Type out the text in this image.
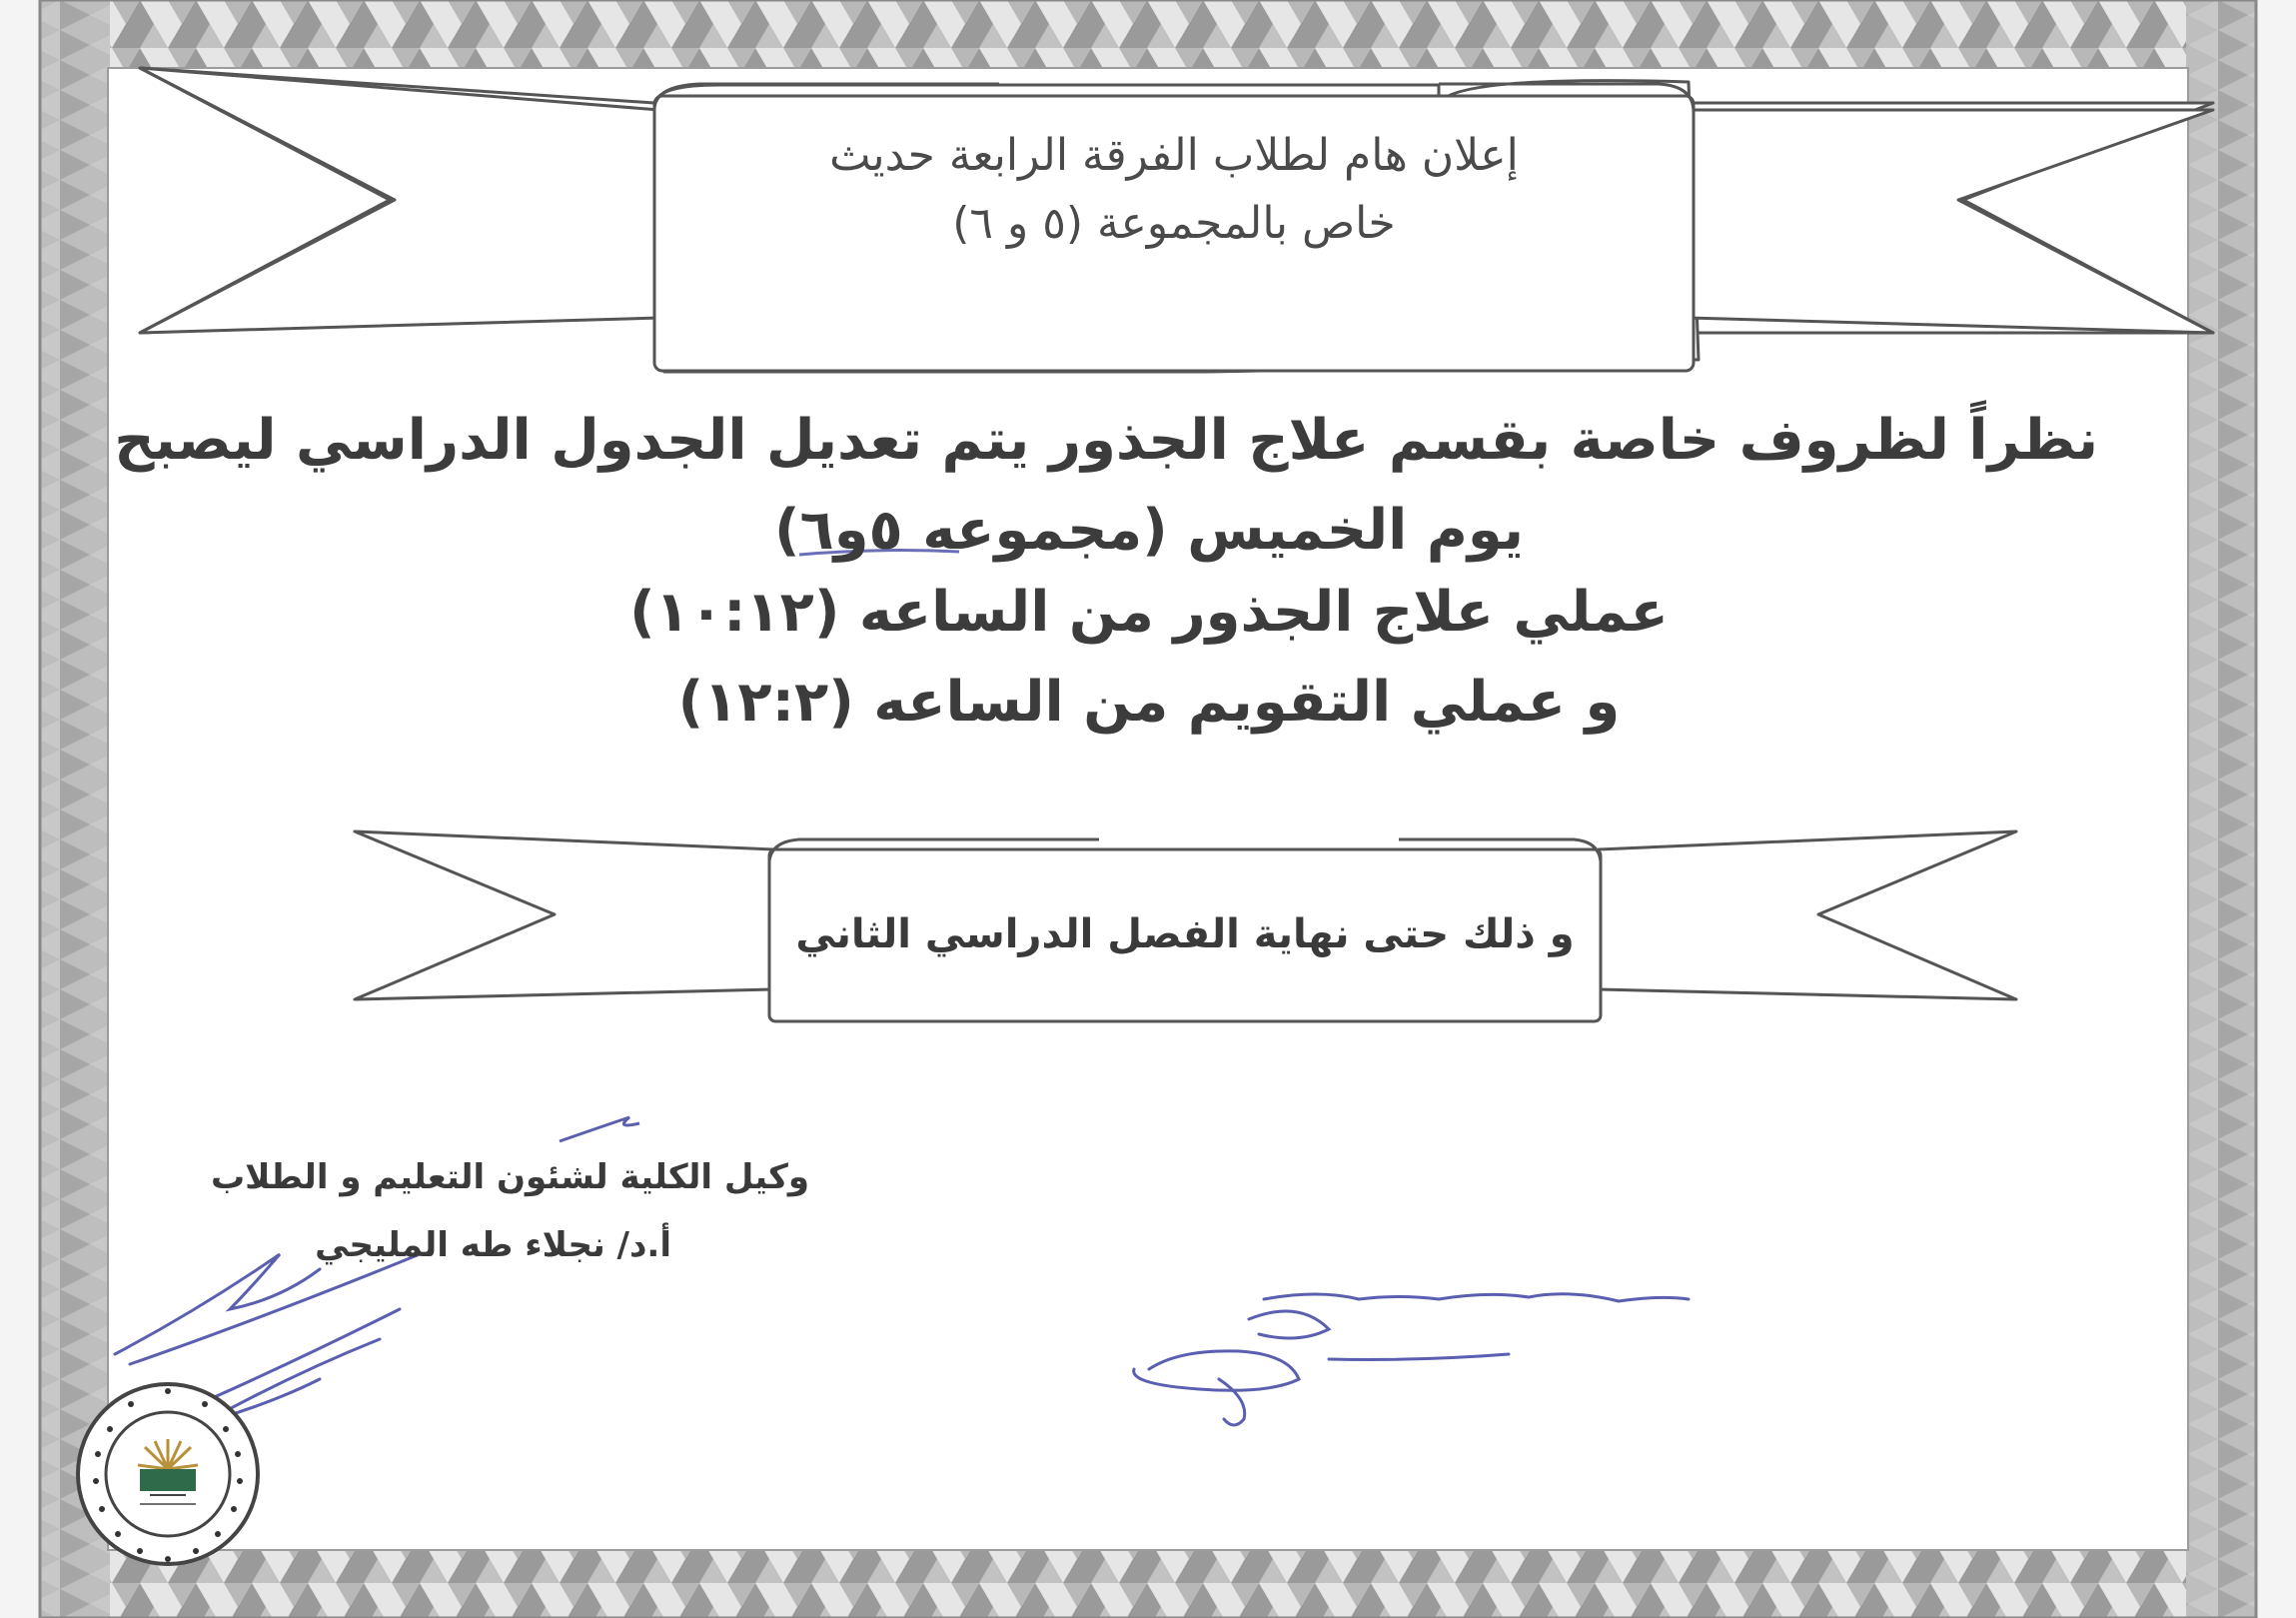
إعلان هام لطلاب الفرقة الرابعة حديث
خاص بالمجموعة (٥ و ٦)
نظراً لظروف خاصة بقسم علاج الجذور يتم تعديل الجدول الدراسي ليصبح
يوم الخميس (مجموعه ٥و٦)
عملي علاج الجذور من الساعه (١٠:١٢)
و عملي التقويم من الساعه (١٢:٢)
و ذلك حتى نهاية الفصل الدراسي الثاني
وكيل الكلية لشئون التعليم و الطلاب
أ.د/ نجلاء طه المليجي
